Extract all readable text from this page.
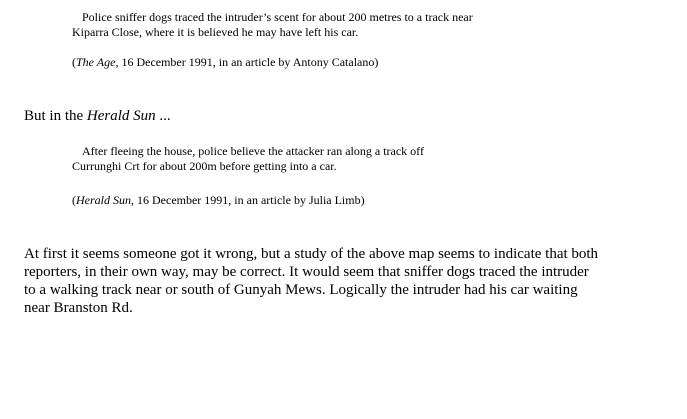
Police sniffer dogs traced the intruder’s scent for about 200 metres to a track near
Kiparra Close, where it is believed he may have left his car.
(The Age, 16 December 1991, in an article by Antony Catalano)
But in the Herald Sun ...
After fleeing the house, police believe the attacker ran along a track off
Currunghi Crt for about 200m before getting into a car.
(Herald Sun, 16 December 1991, in an article by Julia Limb)
At first it seems someone got it wrong, but a study of the above map seems to indicate that both
reporters, in their own way, may be correct. It would seem that sniffer dogs traced the intruder
to a walking track near or south of Gunyah Mews. Logically the intruder had his car waiting
near Branston Rd.
